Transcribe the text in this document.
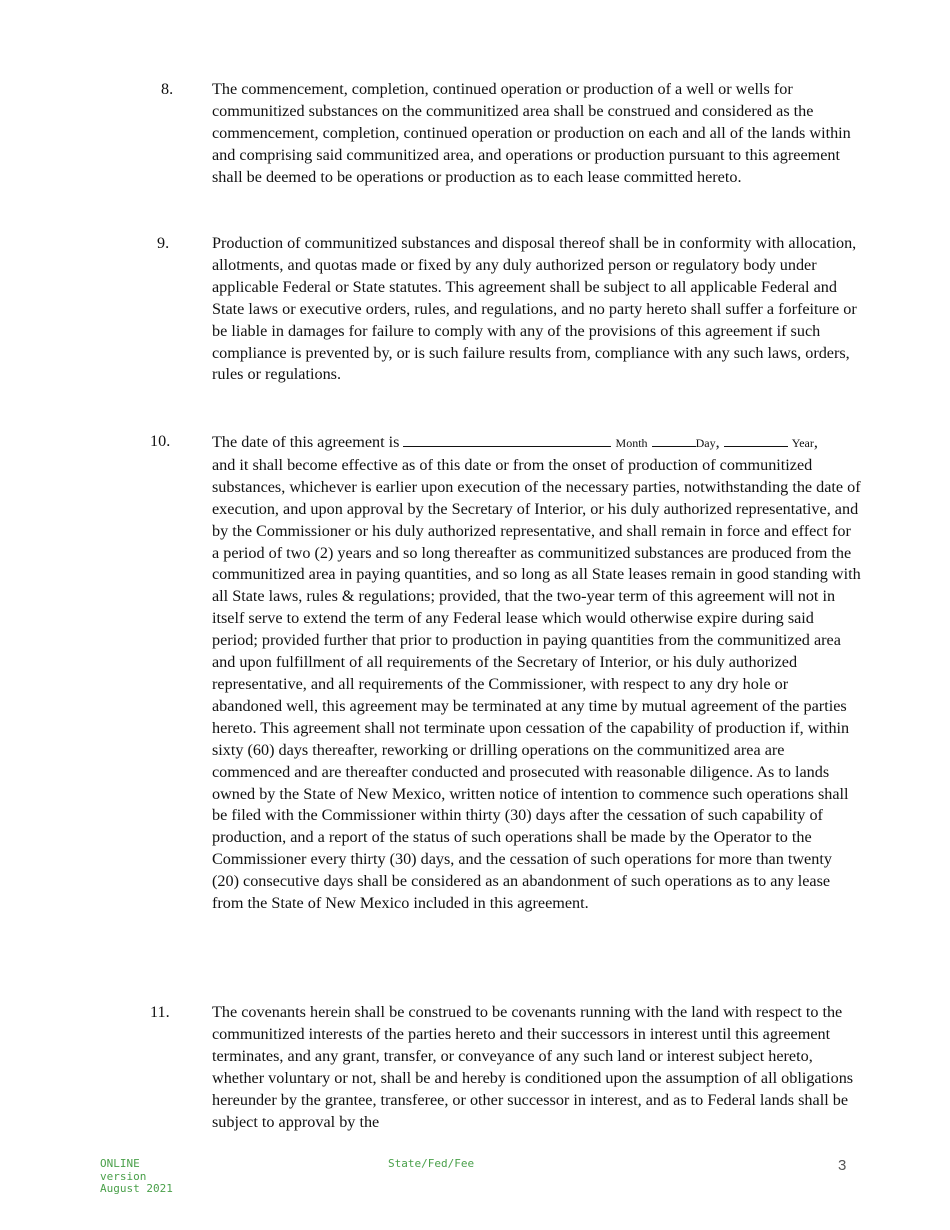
8.	The commencement, completion, continued operation or production of a well or wells for communitized substances on the communitized area shall be construed and considered as the commencement, completion, continued operation or production on each and all of the lands within and comprising said communitized area, and operations or production pursuant to this agreement shall be deemed to be operations or production as to each lease committed hereto.
9.	Production of communitized substances and disposal thereof shall be in conformity with allocation, allotments, and quotas made or fixed by any duly authorized person or regulatory body under applicable Federal or State statutes. This agreement shall be subject to all applicable Federal and State laws or executive orders, rules, and regulations, and no party hereto shall suffer a forfeiture or be liable in damages for failure to comply with any of the provisions of this agreement if such compliance is prevented by, or is such failure results from, compliance with any such laws, orders, rules or regulations.
10.	The date of this agreement is	Month	Day,	Year,
and it shall become effective as of this date or from the onset of production of communitized substances, whichever is earlier upon execution of the necessary parties, notwithstanding the date of execution, and upon approval by the Secretary of Interior, or his duly authorized representative, and by the Commissioner or his duly authorized representative, and shall remain in force and effect for a period of two (2) years and so long thereafter as communitized substances are produced from the communitized area in paying quantities, and so long as all State leases remain in good standing with all State laws, rules & regulations; provided, that the two-year term of this agreement will not in itself serve to extend the term of any Federal lease which would otherwise expire during said period; provided further that prior to production in paying quantities from the communitized area and upon fulfillment of all requirements of the Secretary of Interior, or his duly authorized representative, and all requirements of the Commissioner, with respect to any dry hole or abandoned well, this agreement may be terminated at any time by mutual agreement of the parties hereto. This agreement shall not terminate upon cessation of the capability of production if, within sixty (60) days thereafter, reworking or drilling operations on the communitized area are commenced and are thereafter conducted and prosecuted with reasonable diligence. As to lands owned by the State of New Mexico, written notice of intention to commence such operations shall be filed with the Commissioner within thirty (30) days after the cessation of such capability of production, and a report of the status of such operations shall be made by the Operator to the Commissioner every thirty (30) days, and the cessation of such operations for more than twenty (20) consecutive days shall be considered as an abandonment of such operations as to any lease from the State of New Mexico included in this agreement.
11.	The covenants herein shall be construed to be covenants running with the land with respect to the communitized interests of the parties hereto and their successors in interest until this agreement terminates, and any grant, transfer, or conveyance of any such land or interest subject hereto, whether voluntary or not, shall be and hereby is conditioned upon the assumption of all obligations hereunder by the grantee, transferee, or other successor in interest, and as to Federal lands shall be subject to approval by the
ONLINE
version
August 2021
State/Fed/Fee	3
